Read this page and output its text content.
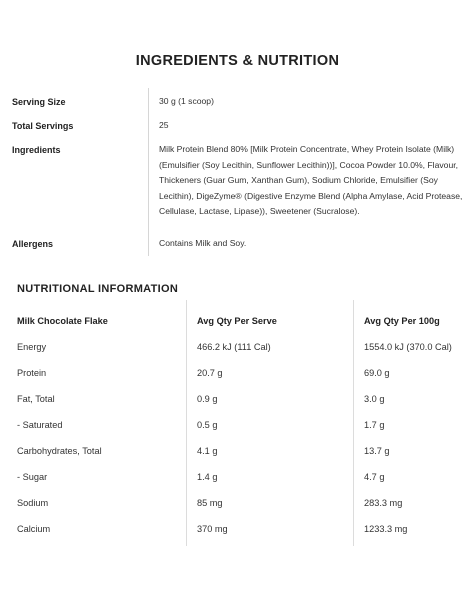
INGREDIENTS & NUTRITION
Serving Size	30 g (1 scoop)
Total Servings	25
Ingredients	Milk Protein Blend 80% [Milk Protein Concentrate, Whey Protein Isolate (Milk) (Emulsifier (Soy Lecithin, Sunflower Lecithin))], Cocoa Powder 10.0%, Flavour, Thickeners (Guar Gum, Xanthan Gum), Sodium Chloride, Emulsifier (Soy Lecithin), DigeZyme® (Digestive Enzyme Blend (Alpha Amylase, Acid Protease, Cellulase, Lactase, Lipase)), Sweetener (Sucralose).
Allergens	Contains Milk and Soy.
NUTRITIONAL INFORMATION
Milk Chocolate Flake	Avg Qty Per Serve	Avg Qty Per 100g
Energy	466.2 kJ (111 Cal)	1554.0 kJ (370.0 Cal)
Protein	20.7 g	69.0 g
Fat, Total	0.9 g	3.0 g
- Saturated	0.5 g	1.7 g
Carbohydrates, Total	4.1 g	13.7 g
- Sugar	1.4 g	4.7 g
Sodium	85 mg	283.3 mg
Calcium	370 mg	1233.3 mg
